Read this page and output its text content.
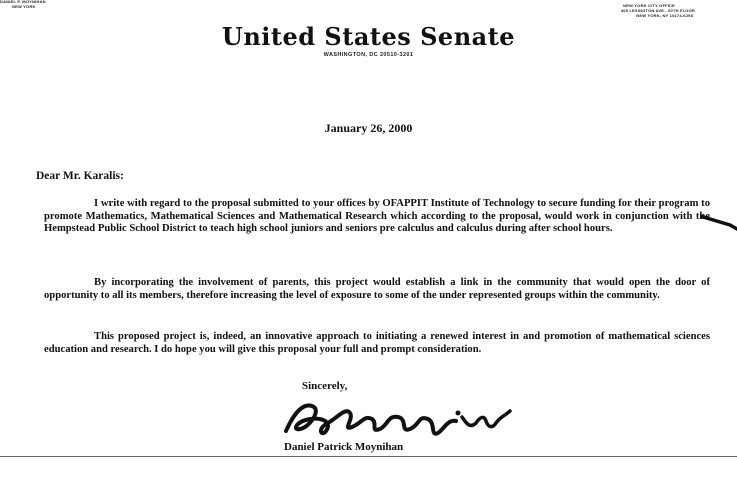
DANIEL P. MOYNIHAN
NEW YORK	NEW YORK CITY OFFICE
405 LEXINGTON AVE., 60TH FLOOR
NEW YORK, NY 10174-6298
United States Senate
WASHINGTON, DC 20510-3201
January 26, 2000
Dear Mr. Karalis:
I write with regard to the proposal submitted to your offices by OFAPPIT Institute of Technology to secure funding for their program to promote Mathematics, Mathematical Sciences and Mathematical Research which according to the proposal, would work in conjunction with the Hempstead Public School District to teach high school juniors and seniors pre calculus and calculus during after school hours.
By incorporating the involvement of parents, this project would establish a link in the community that would open the door of opportunity to all its members, therefore increasing the level of exposure to some of the under represented groups within the community.
This proposed project is, indeed, an innovative approach to initiating a renewed interest in and promotion of mathematical sciences education and research. I do hope you will give this proposal your full and prompt consideration.
Sincerely,
Daniel Patrick Moynihan
